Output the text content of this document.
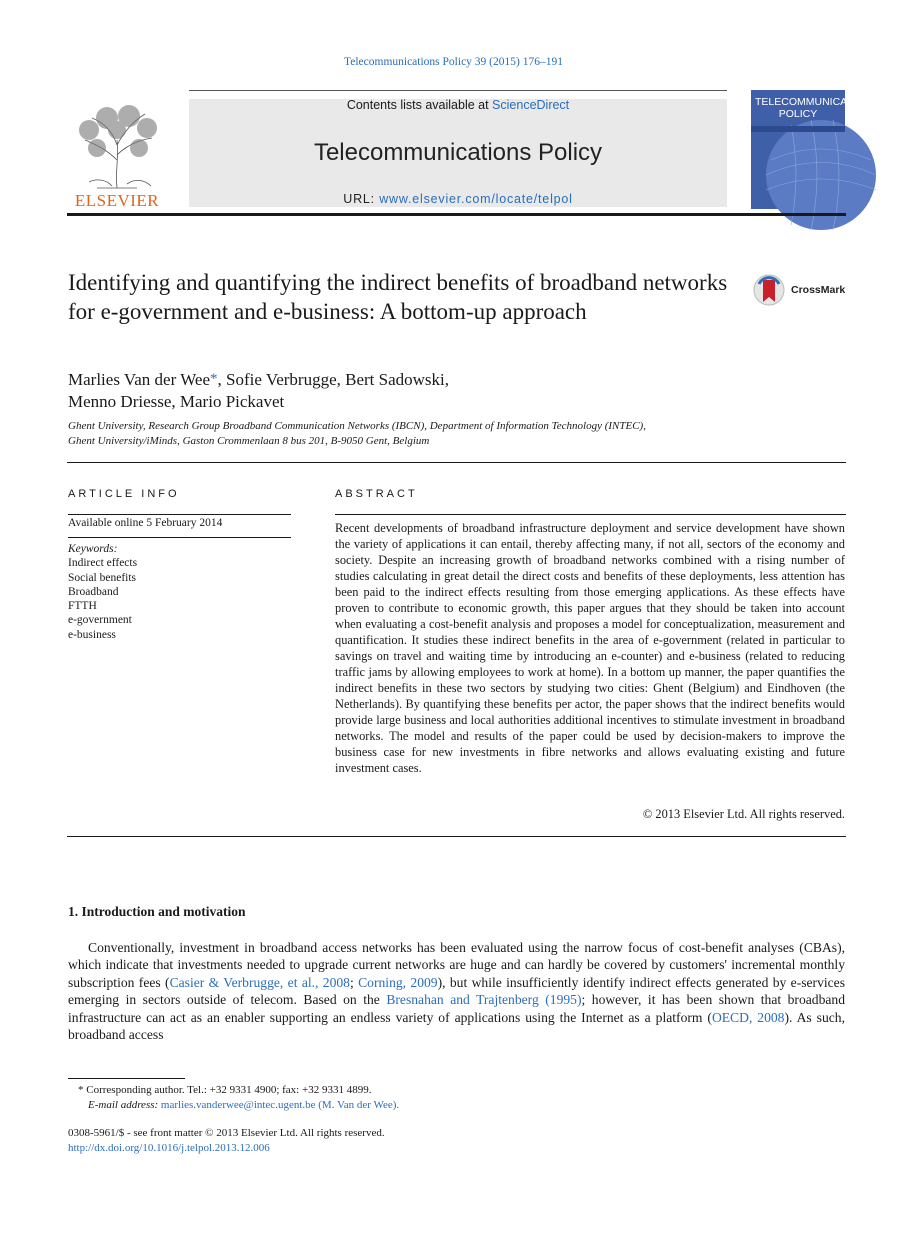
Telecommunications Policy 39 (2015) 176–191
ELSEVIER
Contents lists available at ScienceDirect
Telecommunications Policy
URL: www.elsevier.com/locate/telpol
TELECOMMUNICATIONS POLICY
Identifying and quantifying the indirect benefits of broadband networks for e-government and e-business: A bottom-up approach
CrossMark
Marlies Van der Wee*, Sofie Verbrugge, Bert Sadowski,
Menno Driesse, Mario Pickavet
Ghent University, Research Group Broadband Communication Networks (IBCN), Department of Information Technology (INTEC),
Ghent University/iMinds, Gaston Crommenlaan 8 bus 201, B-9050 Gent, Belgium
ARTICLE INFO
Available online 5 February 2014
Keywords:
Indirect effects
Social benefits
Broadband
FTTH
e-government
e-business
ABSTRACT

Recent developments of broadband infrastructure deployment and service development have shown the variety of applications it can entail, thereby affecting many, if not all, sectors of the economy and society. Despite an increasing growth of broadband networks combined with a rising number of studies calculating in great detail the direct costs and benefits of these deployments, less attention has been paid to the indirect effects resulting from those emerging applications. As these effects have proven to contribute to economic growth, this paper argues that they should be taken into account when evaluating a cost-benefit analysis and proposes a model for conceptualization, measurement and quantification. It studies these indirect benefits in the area of e-government (related in particular to savings on travel and waiting time by introducing an e-counter) and e-business (related to reducing traffic jams by allowing employees to work at home). In a bottom up manner, the paper quantifies the indirect benefits in these two sectors by studying two cities: Ghent (Belgium) and Eindhoven (the Netherlands). By quantifying these benefits per actor, the paper shows that the indirect benefits would provide large business and local authorities additional incentives to stimulate investment in broadband networks. The model and results of the paper could be used by decision-makers to improve the business case for new investments in fibre networks and allows evaluating existing and future investment cases.

© 2013 Elsevier Ltd. All rights reserved.
1. Introduction and motivation

Conventionally, investment in broadband access networks has been evaluated using the narrow focus of cost-benefit analyses (CBAs), which indicate that investments needed to upgrade current networks are huge and can hardly be covered by customers' incremental monthly subscription fees (Casier & Verbrugge, et al., 2008; Corning, 2009), but while insufficiently identify indirect effects generated by e-services emerging in sectors outside of telecom. Based on the Bresnahan and Trajtenberg (1995); however, it has been shown that broadband infrastructure can act as an enabler supporting an endless variety of applications using the Internet as a platform (OECD, 2008). As such, broadband access

* Corresponding author. Tel.: +32 9331 4900; fax: +32 9331 4899.
E-mail address: marlies.vanderwee@intec.ugent.be (M. Van der Wee).
0308-5961/$ - see front matter © 2013 Elsevier Ltd. All rights reserved.
http://dx.doi.org/10.1016/j.telpol.2013.12.006
